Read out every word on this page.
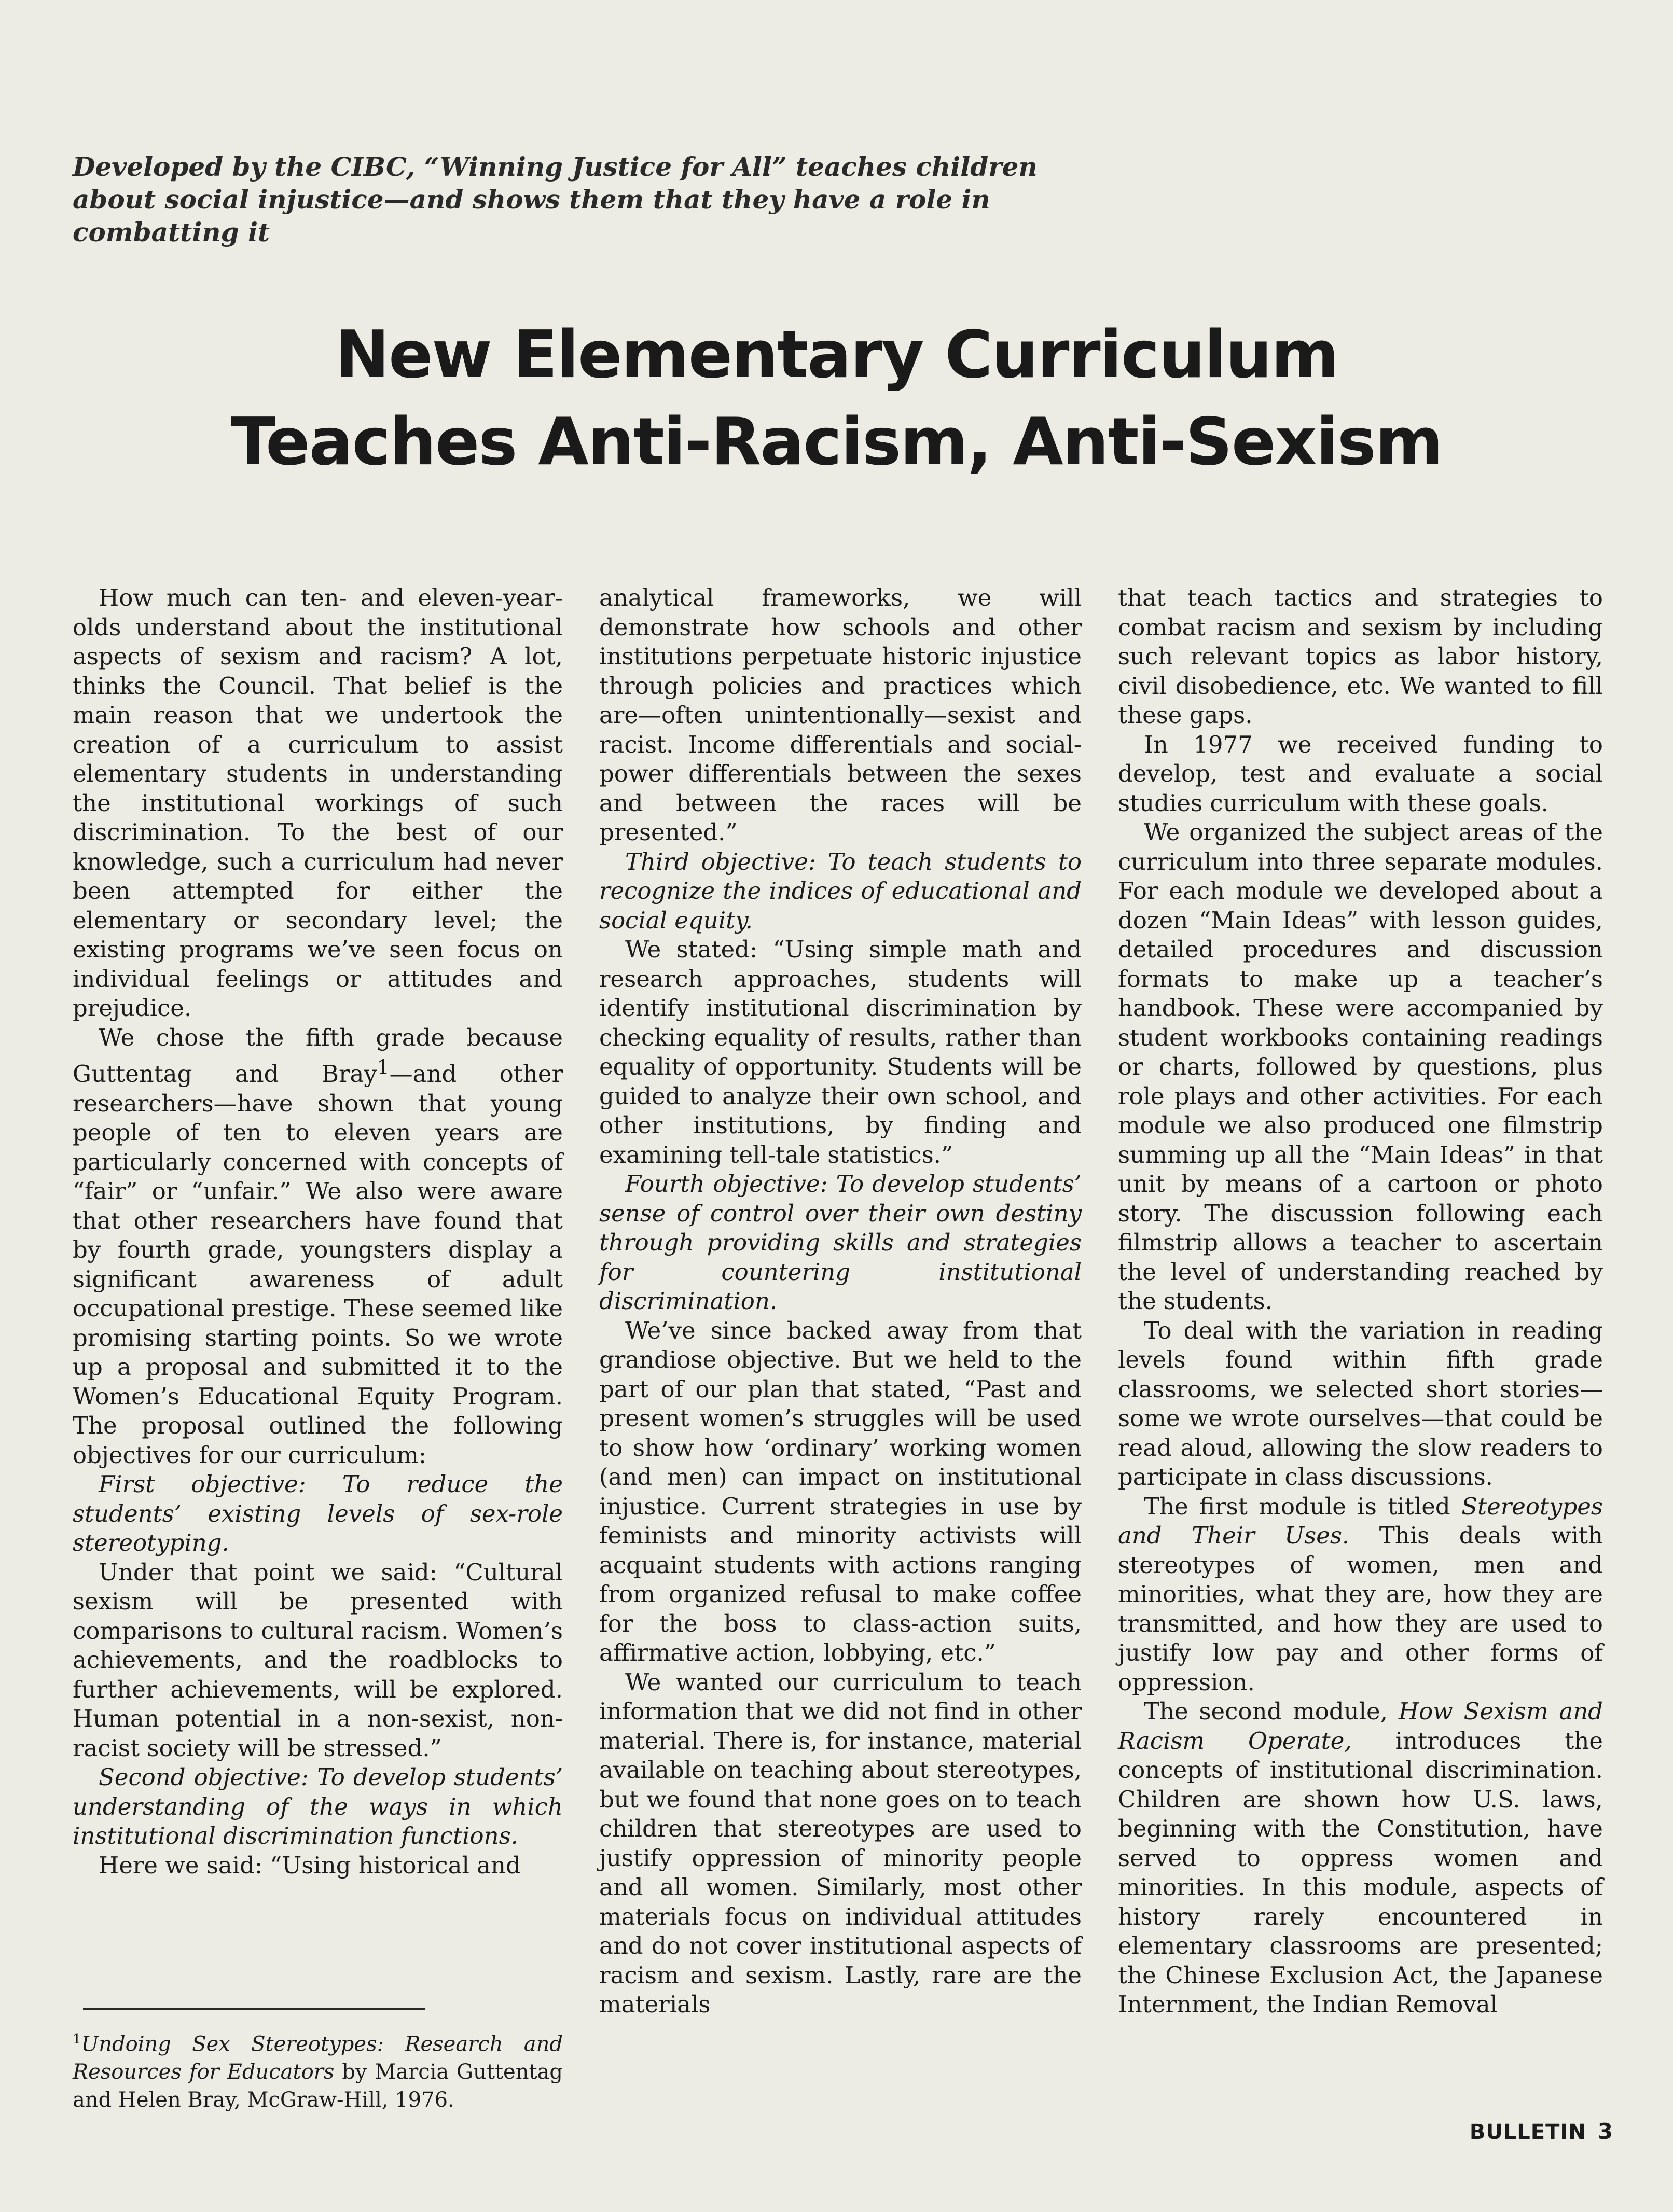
Developed by the CIBC, “Winning Justice for All” teaches children about social injustice—and shows them that they have a role in combatting it
New Elementary Curriculum
Teaches Anti-Racism, Anti-Sexism

How much can ten- and eleven-year-olds understand about the institutional aspects of sexism and racism? A lot, thinks the Council. That belief is the main reason that we undertook the creation of a curriculum to assist elementary students in understanding the institutional workings of such discrimination. To the best of our knowledge, such a curriculum had never been attempted for either the elementary or secondary level; the existing programs we’ve seen focus on individual feelings or attitudes and prejudice.

We chose the fifth grade because Guttentag and Bray$^1$—and other researchers—have shown that young people of ten to eleven years are particularly concerned with concepts of “fair” or “unfair.” We also were aware that other researchers have found that by fourth grade, youngsters display a significant awareness of adult occupational prestige. These seemed like promising starting points. So we wrote up a proposal and submitted it to the Women’s Educational Equity Program. The proposal outlined the following objectives for our curriculum:

First objective: To reduce the students’ existing levels of sex-role stereotyping.

Under that point we said: “Cultural sexism will be presented with comparisons to cultural racism. Women’s achievements, and the roadblocks to further achievements, will be explored. Human potential in a non-sexist, non-racist society will be stressed.”

Second objective: To develop students’ understanding of the ways in which institutional discrimination functions.

Here we said: “Using historical and

analytical frameworks, we will demonstrate how schools and other institutions perpetuate historic injustice through policies and practices which are—often unintentionally—sexist and racist. Income differentials and social-power differentials between the sexes and between the races will be presented.”

Third objective: To teach students to recognize the indices of educational and social equity.

We stated: “Using simple math and research approaches, students will identify institutional discrimination by checking equality of results, rather than equality of opportunity. Students will be guided to analyze their own school, and other institutions, by finding and examining tell-tale statistics.”

Fourth objective: To develop students’ sense of control over their own destiny through providing skills and strategies for countering institutional discrimination.

We’ve since backed away from that grandiose objective. But we held to the part of our plan that stated, “Past and present women’s struggles will be used to show how ‘ordinary’ working women (and men) can impact on institutional injustice. Current strategies in use by feminists and minority activists will acquaint students with actions ranging from organized refusal to make coffee for the boss to class-action suits, affirmative action, lobbying, etc.”

We wanted our curriculum to teach information that we did not find in other material. There is, for instance, material available on teaching about stereotypes, but we found that none goes on to teach children that stereotypes are used to justify oppression of minority people and all women. Similarly, most other materials focus on individual attitudes and do not cover institutional aspects of racism and sexism. Lastly, rare are the materials

that teach tactics and strategies to combat racism and sexism by including such relevant topics as labor history, civil disobedience, etc. We wanted to fill these gaps.

In 1977 we received funding to develop, test and evaluate a social studies curriculum with these goals.

We organized the subject areas of the curriculum into three separate modules. For each module we developed about a dozen “Main Ideas” with lesson guides, detailed procedures and discussion formats to make up a teacher’s handbook. These were accompanied by student workbooks containing readings or charts, followed by questions, plus role plays and other activities. For each module we also produced one filmstrip summing up all the “Main Ideas” in that unit by means of a cartoon or photo story. The discussion following each filmstrip allows a teacher to ascertain the level of understanding reached by the students.

To deal with the variation in reading levels found within fifth grade classrooms, we selected short stories—some we wrote ourselves—that could be read aloud, allowing the slow readers to participate in class discussions.

The first module is titled Stereotypes and Their Uses. This deals with stereotypes of women, men and minorities, what they are, how they are transmitted, and how they are used to justify low pay and other forms of oppression.

The second module, How Sexism and Racism Operate, introduces the concepts of institutional discrimination. Children are shown how U.S. laws, beginning with the Constitution, have served to oppress women and minorities. In this module, aspects of history rarely encountered in elementary classrooms are presented; the Chinese Exclusion Act, the Japanese Internment, the Indian Removal

$^1$Undoing Sex Stereotypes: Research and Resources for Educators by Marcia Guttentag and Helen Bray, McGraw-Hill, 1976.
BULLETIN 3
